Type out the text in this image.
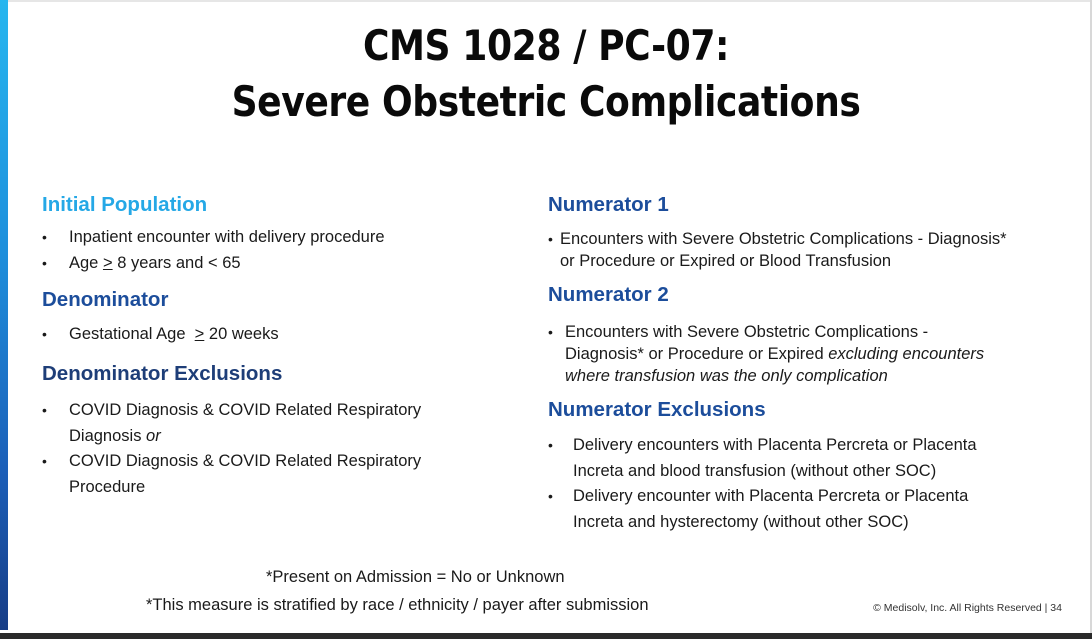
CMS 1028 / PC-07:
Severe Obstetric Complications
Initial Population
• Inpatient encounter with delivery procedure
• Age ≥ 8 years and < 65
Denominator
• Gestational Age  ≥ 20 weeks
Denominator Exclusions
• COVID Diagnosis & COVID Related Respiratory
Diagnosis or
• COVID Diagnosis & COVID Related Respiratory
Procedure
Numerator 1
• Encounters with Severe Obstetric Complications - Diagnosis*
or Procedure or Expired or Blood Transfusion
Numerator 2
• Encounters with Severe Obstetric Complications -
Diagnosis* or Procedure or Expired excluding encounters
where transfusion was the only complication
Numerator Exclusions
• Delivery encounters with Placenta Percreta or Placenta
Increta and blood transfusion (without other SOC)
• Delivery encounter with Placenta Percreta or Placenta
Increta and hysterectomy (without other SOC)
*Present on Admission = No or Unknown
*This measure is stratified by race / ethnicity / payer after submission	© Medisolv, Inc. All Rights Reserved | 34
